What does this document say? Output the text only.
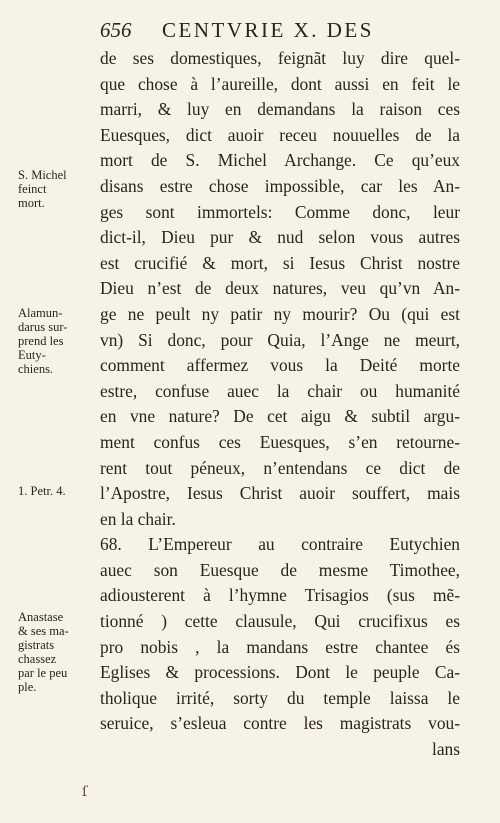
656 CENTVRIE X. DES
de ses domestiques, feignãt luy dire quel-
que chose à l’aureille, dont aussi en feit le
marri, & luy en demandans la raison ces
Euesques, dict auoir receu nouuelles de la
mort de S. Michel Archange. Ce qu’eux
disans estre chose impossible, car les An-
ges sont immortels: Comme donc, leur
dict-il, Dieu pur & nud selon vous autres
est crucifié & mort, si Iesus Christ nostre
Dieu n’est de deux natures, veu qu’vn An-
ge ne peult ny patir ny mourir? Ou (qui est
vn) Si donc, pour Quia, l’Ange ne meurt,
comment affermez vous la Deité morte
estre, confuse auec la chair ou humanité
en vne nature? De cet aigu & subtil argu-
ment confus ces Euesques, s’en retourne-
rent tout péneux, n’entendans ce dict de
l’Apostre, Iesus Christ auoir souffert, mais
en la chair.
68. L’Empereur au contraire Eutychien
auec son Euesque de mesme Timothee,
adiousterent à l’hymne Trisagios (sus mẽ-
tionné ) cette clausule, Qui crucifixus es
pro nobis , la mandans estre chantee és
Eglises & processions. Dont le peuple Ca-
tholique irrité, sorty du temple laissa le
seruice, s’esleua contre les magistrats vou-
lans
S. Michel
feinct
mort.
Alamun-
darus sur-
prend les
Euty-
chiens.
1. Petr. 4.
Anastase
& ses ma-
gistrats
chassez
par le peu
ple.
ſ
